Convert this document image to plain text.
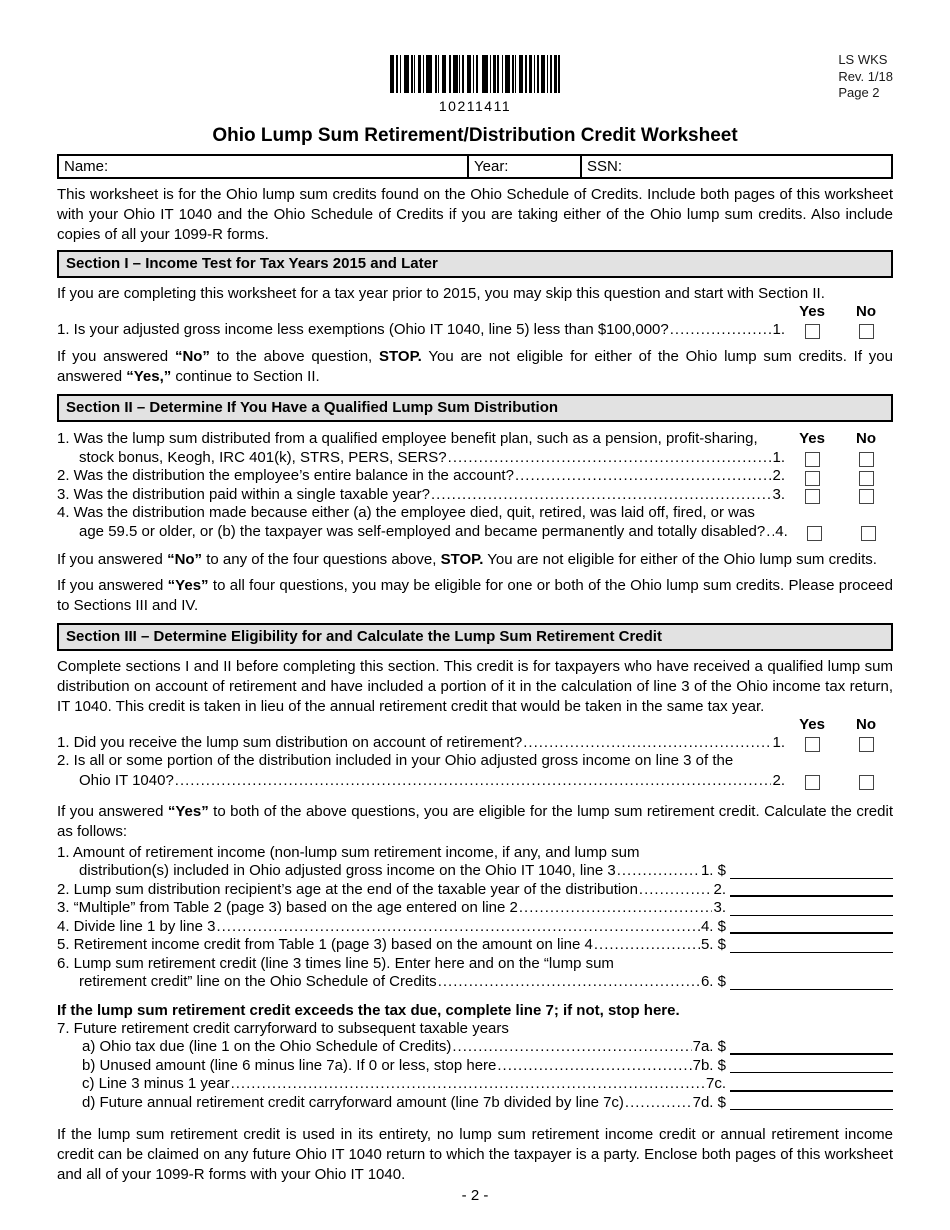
10211411
LS WKS
Rev. 1/18
Page 2
Ohio Lump Sum Retirement/Distribution Credit Worksheet
Name:	Year:	SSN:

This worksheet is for the Ohio lump sum credits found on the Ohio Schedule of Credits. Include both pages of this worksheet with your Ohio IT 1040 and the Ohio Schedule of Credits if you are taking either of the Ohio lump sum credits. Also include copies of all your 1099-R forms.

Section I – Income Test for Tax Years 2015 and Later

If you are completing this worksheet for a tax year prior to 2015, you may skip this question and start with Section II.

Yes	No
1. Is your adjusted gross income less exemptions (Ohio IT 1040, line 5) less than $100,000? .....	1.

If you answered “No” to the above question, STOP. You are not eligible for either of the Ohio lump sum credits. If you answered “Yes,” continue to Section II.

Section II – Determine If You Have a Qualified Lump Sum Distribution
1. Was the lump sum distributed from a qualified employee benefit plan, such as a pension, profit-sharing,	Yes	No
stock bonus, Keogh, IRC 401(k), STRS, PERS, SERS? .....	1.
2. Was the distribution the employee’s entire balance in the account? .....	2.
3. Was the distribution paid within a single taxable year? .....	3.
4. Was the distribution made because either (a) the employee died, quit, retired, was laid off, fired, or was
age 59.5 or older, or (b) the taxpayer was self-employed and became permanently and totally disabled? ..... 4.

If you answered “No” to any of the four questions above, STOP. You are not eligible for either of the Ohio lump sum credits.

If you answered “Yes” to all four questions, you may be eligible for one or both of the Ohio lump sum credits. Please proceed to Sections III and IV.

Section III – Determine Eligibility for and Calculate the Lump Sum Retirement Credit

Complete sections I and II before completing this section. This credit is for taxpayers who have received a qualified lump sum distribution on account of retirement and have included a portion of it in the calculation of line 3 of the Ohio income tax return, IT 1040. This credit is taken in lieu of the annual retirement credit that would be taken in the same tax year.

Yes	No
1. Did you receive the lump sum distribution on account of retirement? .....	1.
2. Is all or some portion of the distribution included in your Ohio adjusted gross income on line 3 of the
Ohio IT 1040? .....	2.

If you answered “Yes” to both of the above questions, you are eligible for the lump sum retirement credit. Calculate the credit as follows:

1. Amount of retirement income (non-lump sum retirement income, if any, and lump sum
distribution(s) included in Ohio adjusted gross income on the Ohio IT 1040, line 3 .....	1. $
2. Lump sum distribution recipient’s age at the end of the taxable year of the distribution .....	2.
3. “Multiple” from Table 2 (page 3) based on the age entered on line 2 .....	3.
4. Divide line 1 by line 3 .....	4. $
5. Retirement income credit from Table 1 (page 3) based on the amount on line 4 .....	5. $
6. Lump sum retirement credit (line 3 times line 5). Enter here and on the “lump sum
retirement credit” line on the Ohio Schedule of Credits .....	6. $
If the lump sum retirement credit exceeds the tax due, complete line 7; if not, stop here.
7. Future retirement credit carryforward to subsequent taxable years
a) Ohio tax due (line 1 on the Ohio Schedule of Credits) .....	7a. $
b) Unused amount (line 6 minus line 7a). If 0 or less, stop here .....	7b. $
c) Line 3 minus 1 year .....	7c.
d) Future annual retirement credit carryforward amount (line 7b divided by line 7c) .....	7d. $

If the lump sum retirement credit is used in its entirety, no lump sum retirement income credit or annual retirement income credit can be claimed on any future Ohio IT 1040 return to which the taxpayer is a party. Enclose both pages of this worksheet and all of your 1099-R forms with your Ohio IT 1040.

- 2 -
